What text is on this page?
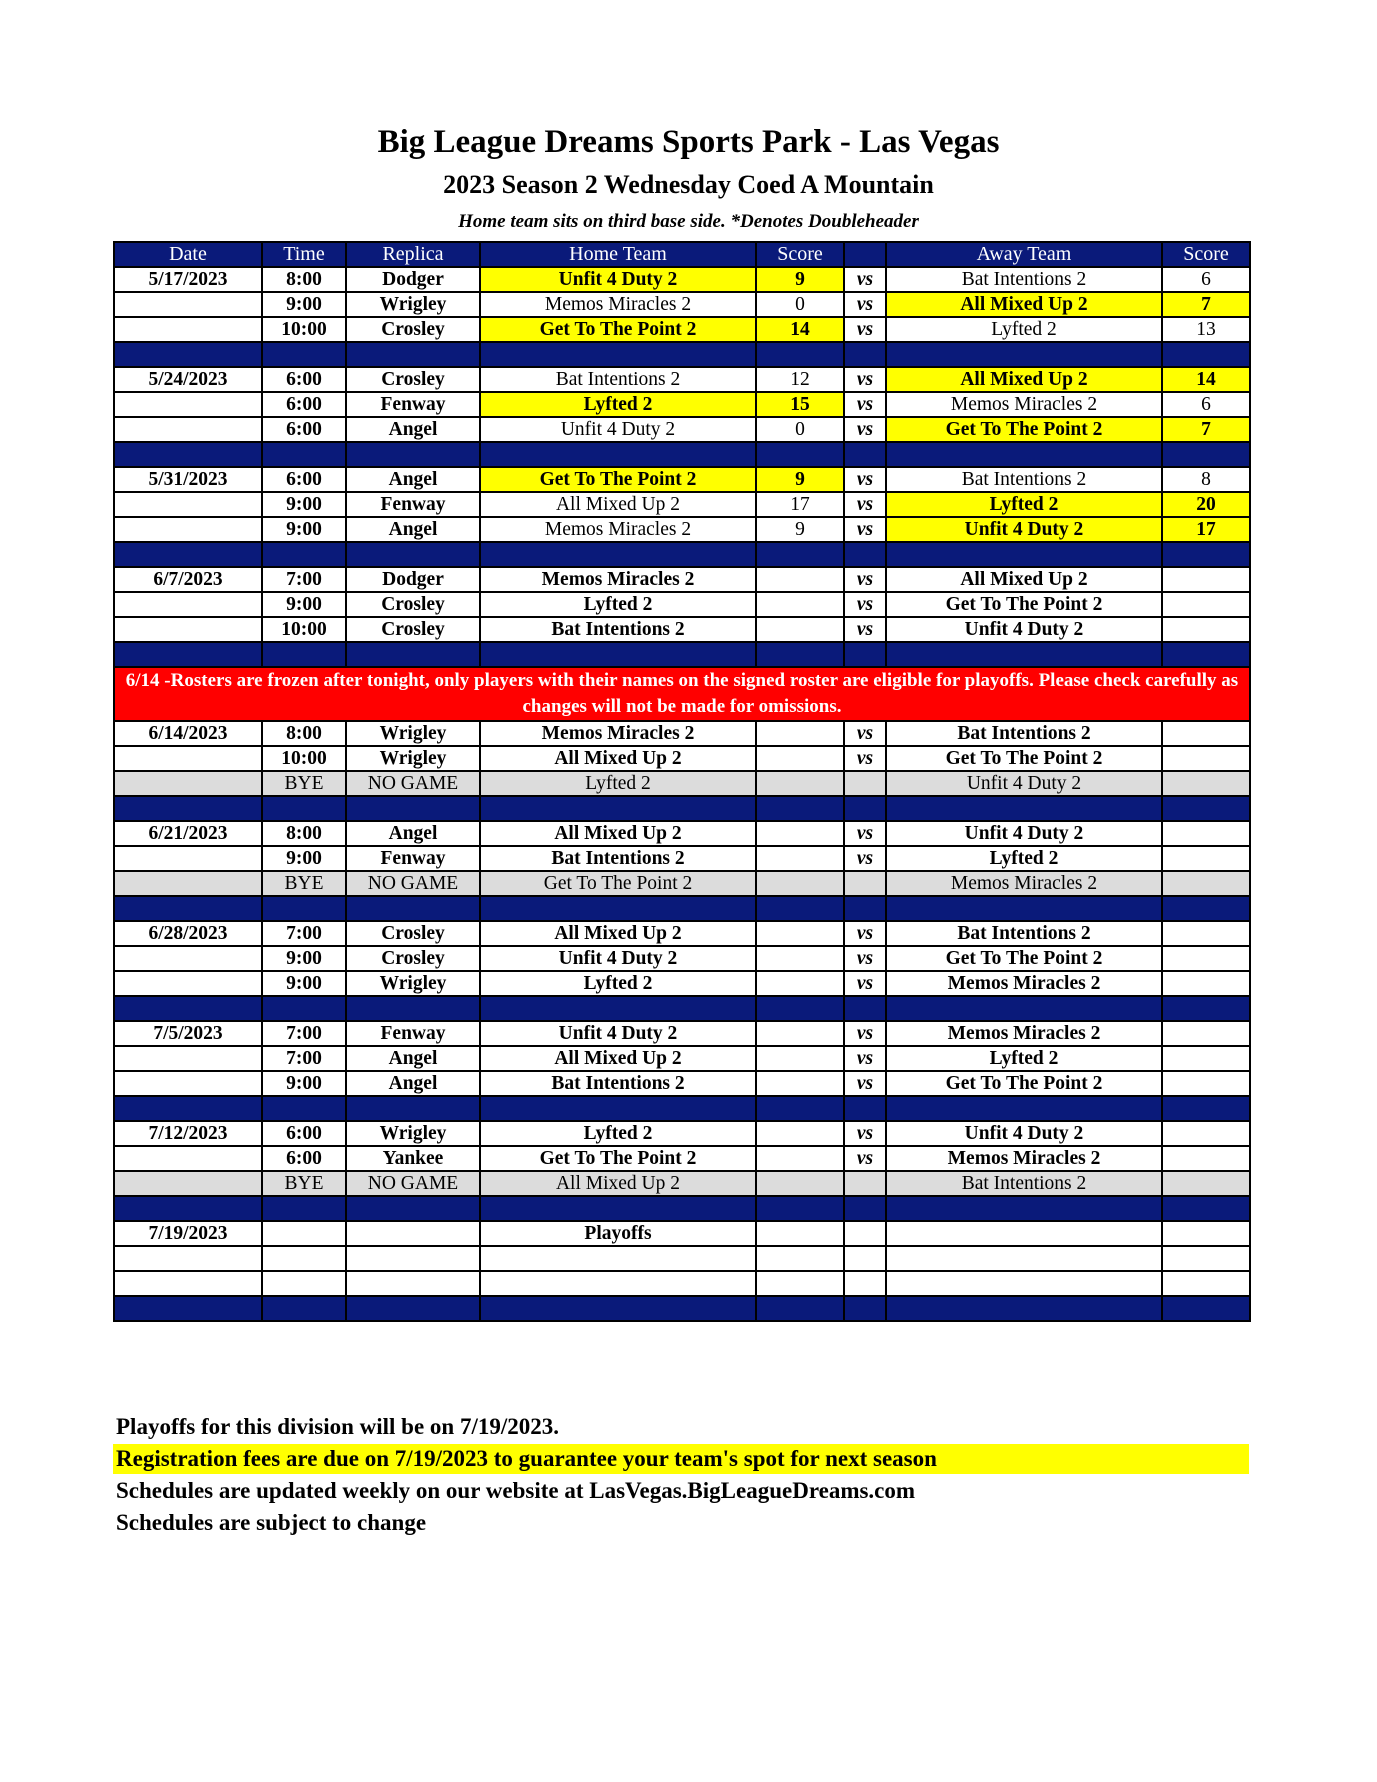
Big League Dreams Sports Park - Las Vegas
2023 Season 2 Wednesday Coed A Mountain
Home team sits on third base side. *Denotes Doubleheader
Date	Time	Replica	Home Team	Score		Away Team	Score
5/17/2023	8:00	Dodger	Unfit 4 Duty 2	9	vs	Bat Intentions 2	6
	9:00	Wrigley	Memos Miracles 2	0	vs	All Mixed Up 2	7
	10:00	Crosley	Get To The Point 2	14	vs	Lyfted 2	13

5/24/2023	6:00	Crosley	Bat Intentions 2	12	vs	All Mixed Up 2	14
	6:00	Fenway	Lyfted 2	15	vs	Memos Miracles 2	6
	6:00	Angel	Unfit 4 Duty 2	0	vs	Get To The Point 2	7

5/31/2023	6:00	Angel	Get To The Point 2	9	vs	Bat Intentions 2	8
	9:00	Fenway	All Mixed Up 2	17	vs	Lyfted 2	20
	9:00	Angel	Memos Miracles 2	9	vs	Unfit 4 Duty 2	17

6/7/2023	7:00	Dodger	Memos Miracles 2		vs	All Mixed Up 2	
	9:00	Crosley	Lyfted 2		vs	Get To The Point 2	
	10:00	Crosley	Bat Intentions 2		vs	Unfit 4 Duty 2	

6/14 -Rosters are frozen after tonight, only players with their names on the signed roster are eligible for playoffs. Please check carefully as changes will not be made for omissions.							
6/14/2023	8:00	Wrigley	Memos Miracles 2		vs	Bat Intentions 2	
	10:00	Wrigley	All Mixed Up 2		vs	Get To The Point 2	
	BYE	NO GAME	Lyfted 2			Unfit 4 Duty 2	

6/21/2023	8:00	Angel	All Mixed Up 2		vs	Unfit 4 Duty 2	
	9:00	Fenway	Bat Intentions 2		vs	Lyfted 2	
	BYE	NO GAME	Get To The Point 2			Memos Miracles 2	

6/28/2023	7:00	Crosley	All Mixed Up 2		vs	Bat Intentions 2	
	9:00	Crosley	Unfit 4 Duty 2		vs	Get To The Point 2	
	9:00	Wrigley	Lyfted 2		vs	Memos Miracles 2	

7/5/2023	7:00	Fenway	Unfit 4 Duty 2		vs	Memos Miracles 2	
	7:00	Angel	All Mixed Up 2		vs	Lyfted 2	
	9:00	Angel	Bat Intentions 2		vs	Get To The Point 2	

7/12/2023	6:00	Wrigley	Lyfted 2		vs	Unfit 4 Duty 2	
	6:00	Yankee	Get To The Point 2		vs	Memos Miracles 2	
	BYE	NO GAME	All Mixed Up 2			Bat Intentions 2	

7/19/2023			Playoffs				

Playoffs for this division will be on 7/19/2023.
Registration fees are due on 7/19/2023 to guarantee your team's spot for next season
Schedules are updated weekly on our website at LasVegas.BigLeagueDreams.com
Schedules are subject to change
